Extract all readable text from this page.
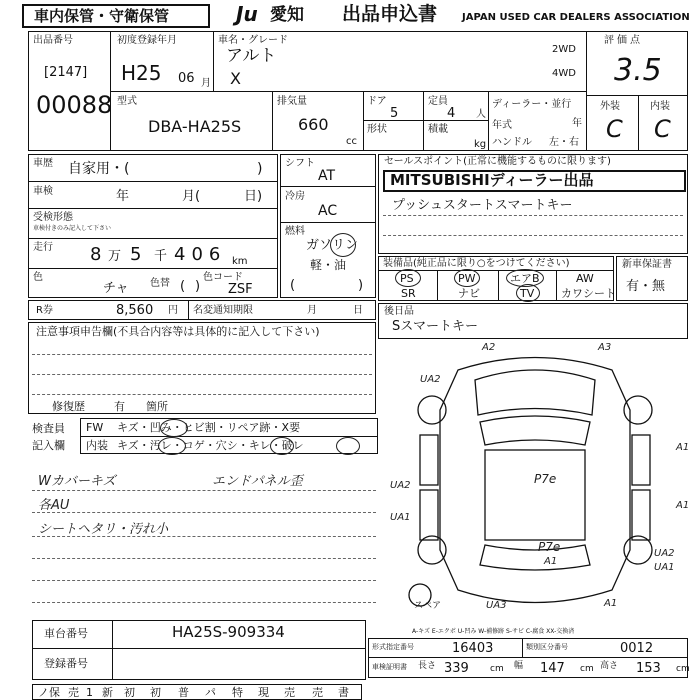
車内保管・守衛保管	Ju 愛知 出品申込書 JAPAN USED CAR DEALERS ASSOCIATION
出品番号
[2147]
00088
初度登録年月
H25 06 月
車名・グレード
アルト
X
2WD
4WD
評価点
3.5
外装	内装
C C
型式
DBA-HA25S
排気量
660
cc
ドア
5
定員
4 人
形状	積載
kg
ディーラー・並行
年式	年
ハンドル 左・右
車歴 自家用・(	)
車検	年	月(	日)
受検形態
車検付きのみ記入して下さい
走行 8 万 5 千 406 km
色
チャ 色替 ( )
色コード
ZSF
シフト
AT
冷房
AC
燃料
ガソリン
軽・油
(	)
R券	8,560 円 名変通知期限	月	日
セールスポイント(正常に機能するものに限ります)
MITSUBISHIディーラー出品
プッシュスタートスマートキー
装備品(純正品に限り○をつけてください)
PS	PW	エアB	AW
SR	ナビ	TV カワシート
新車保証書
有・無
後日品
Sスマートキー
注意事項申告欄(不具合内容等は具体的に記入して下さい)
修復歴	有 箇所
検査員
記入欄
FW キズ・凹み・ヒビ割・リペア跡・X要
内装 キズ・汚レ・コゲ・穴シ・キレ・破レ
Wカバーキズ	エンドパネル歪
各AU
シートヘタリ・汚れ小
A2	A3
UA2
A1
UA2
UA1
A1
P7e
P7e
A1
UA2
UA1
UA3	A1
スペア
A-キズ E-エクボ U-凹み W-補修跡 S-サビ C-腐食 XX-交換済
車台番号	HA25S-909334
登録番号
形式指定番号	16403	類別区分番号	0012
車検証明書 長さ 339 cm 幅 147 cm 高さ 153 cm
ノ保 売 1 新 初 初 普 パ 特 現 売 売 書
